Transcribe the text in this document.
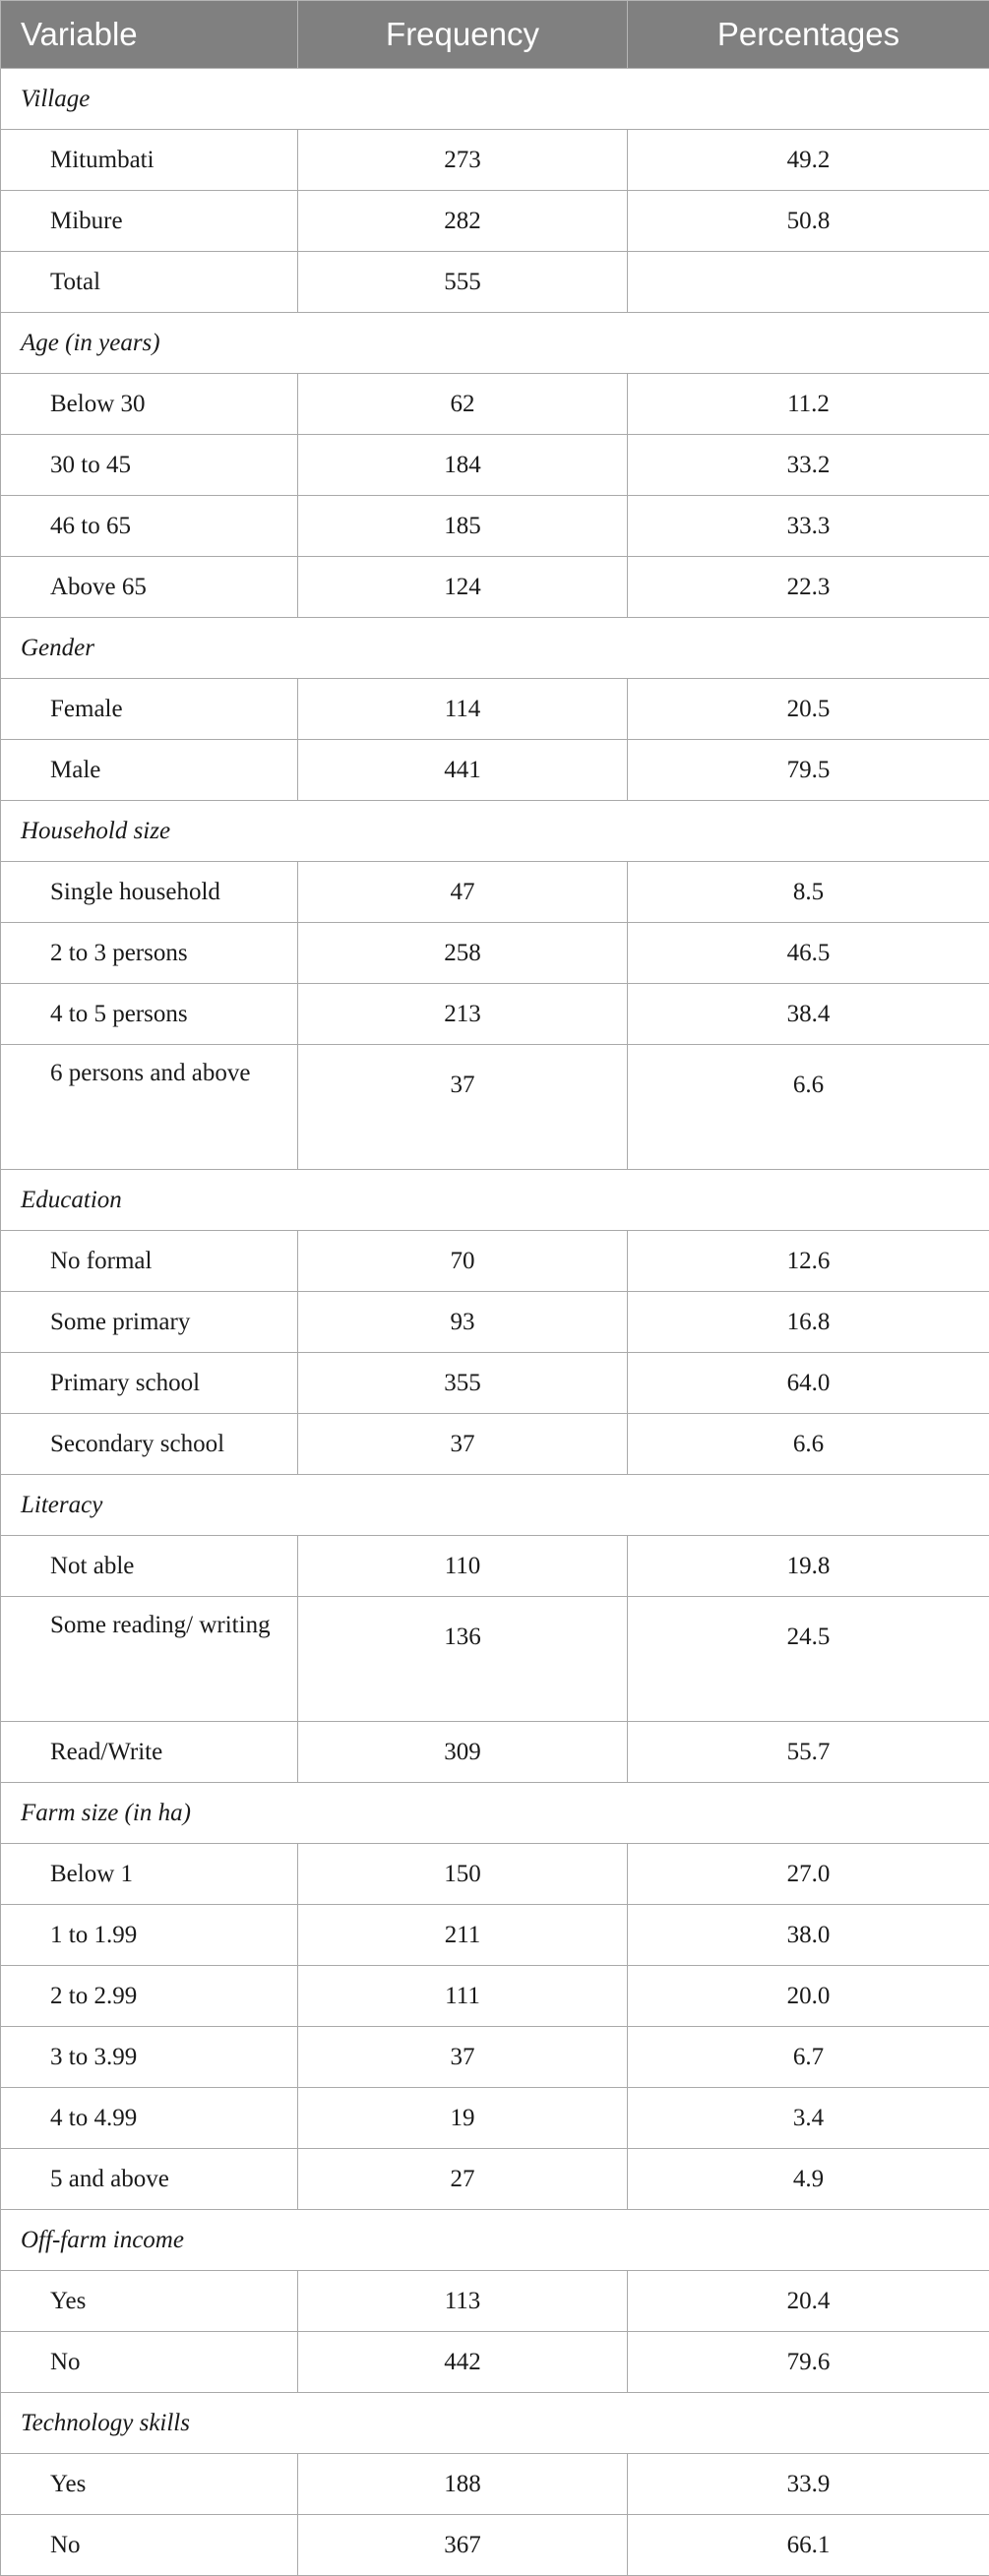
Variable	Frequency	Percentages
Village		
Mitumbati	273	49.2
Mibure	282	50.8
Total	555	
Age (in years)		
Below 30	62	11.2
30 to 45	184	33.2
46 to 65	185	33.3
Above 65	124	22.3
Gender		
Female	114	20.5
Male	441	79.5
Household size		
Single household	47	8.5
2 to 3 persons	258	46.5
4 to 5 persons	213	38.4
6 persons and above	37	6.6
Education		
No formal	70	12.6
Some primary	93	16.8
Primary school	355	64.0
Secondary school	37	6.6
Literacy		
Not able	110	19.8
Some reading/ writing	136	24.5
Read/Write	309	55.7
Farm size (in ha)		
Below 1	150	27.0
1 to 1.99	211	38.0
2 to 2.99	111	20.0
3 to 3.99	37	6.7
4 to 4.99	19	3.4
5 and above	27	4.9
Off-farm income		
Yes	113	20.4
No	442	79.6
Technology skills		
Yes	188	33.9
No	367	66.1
